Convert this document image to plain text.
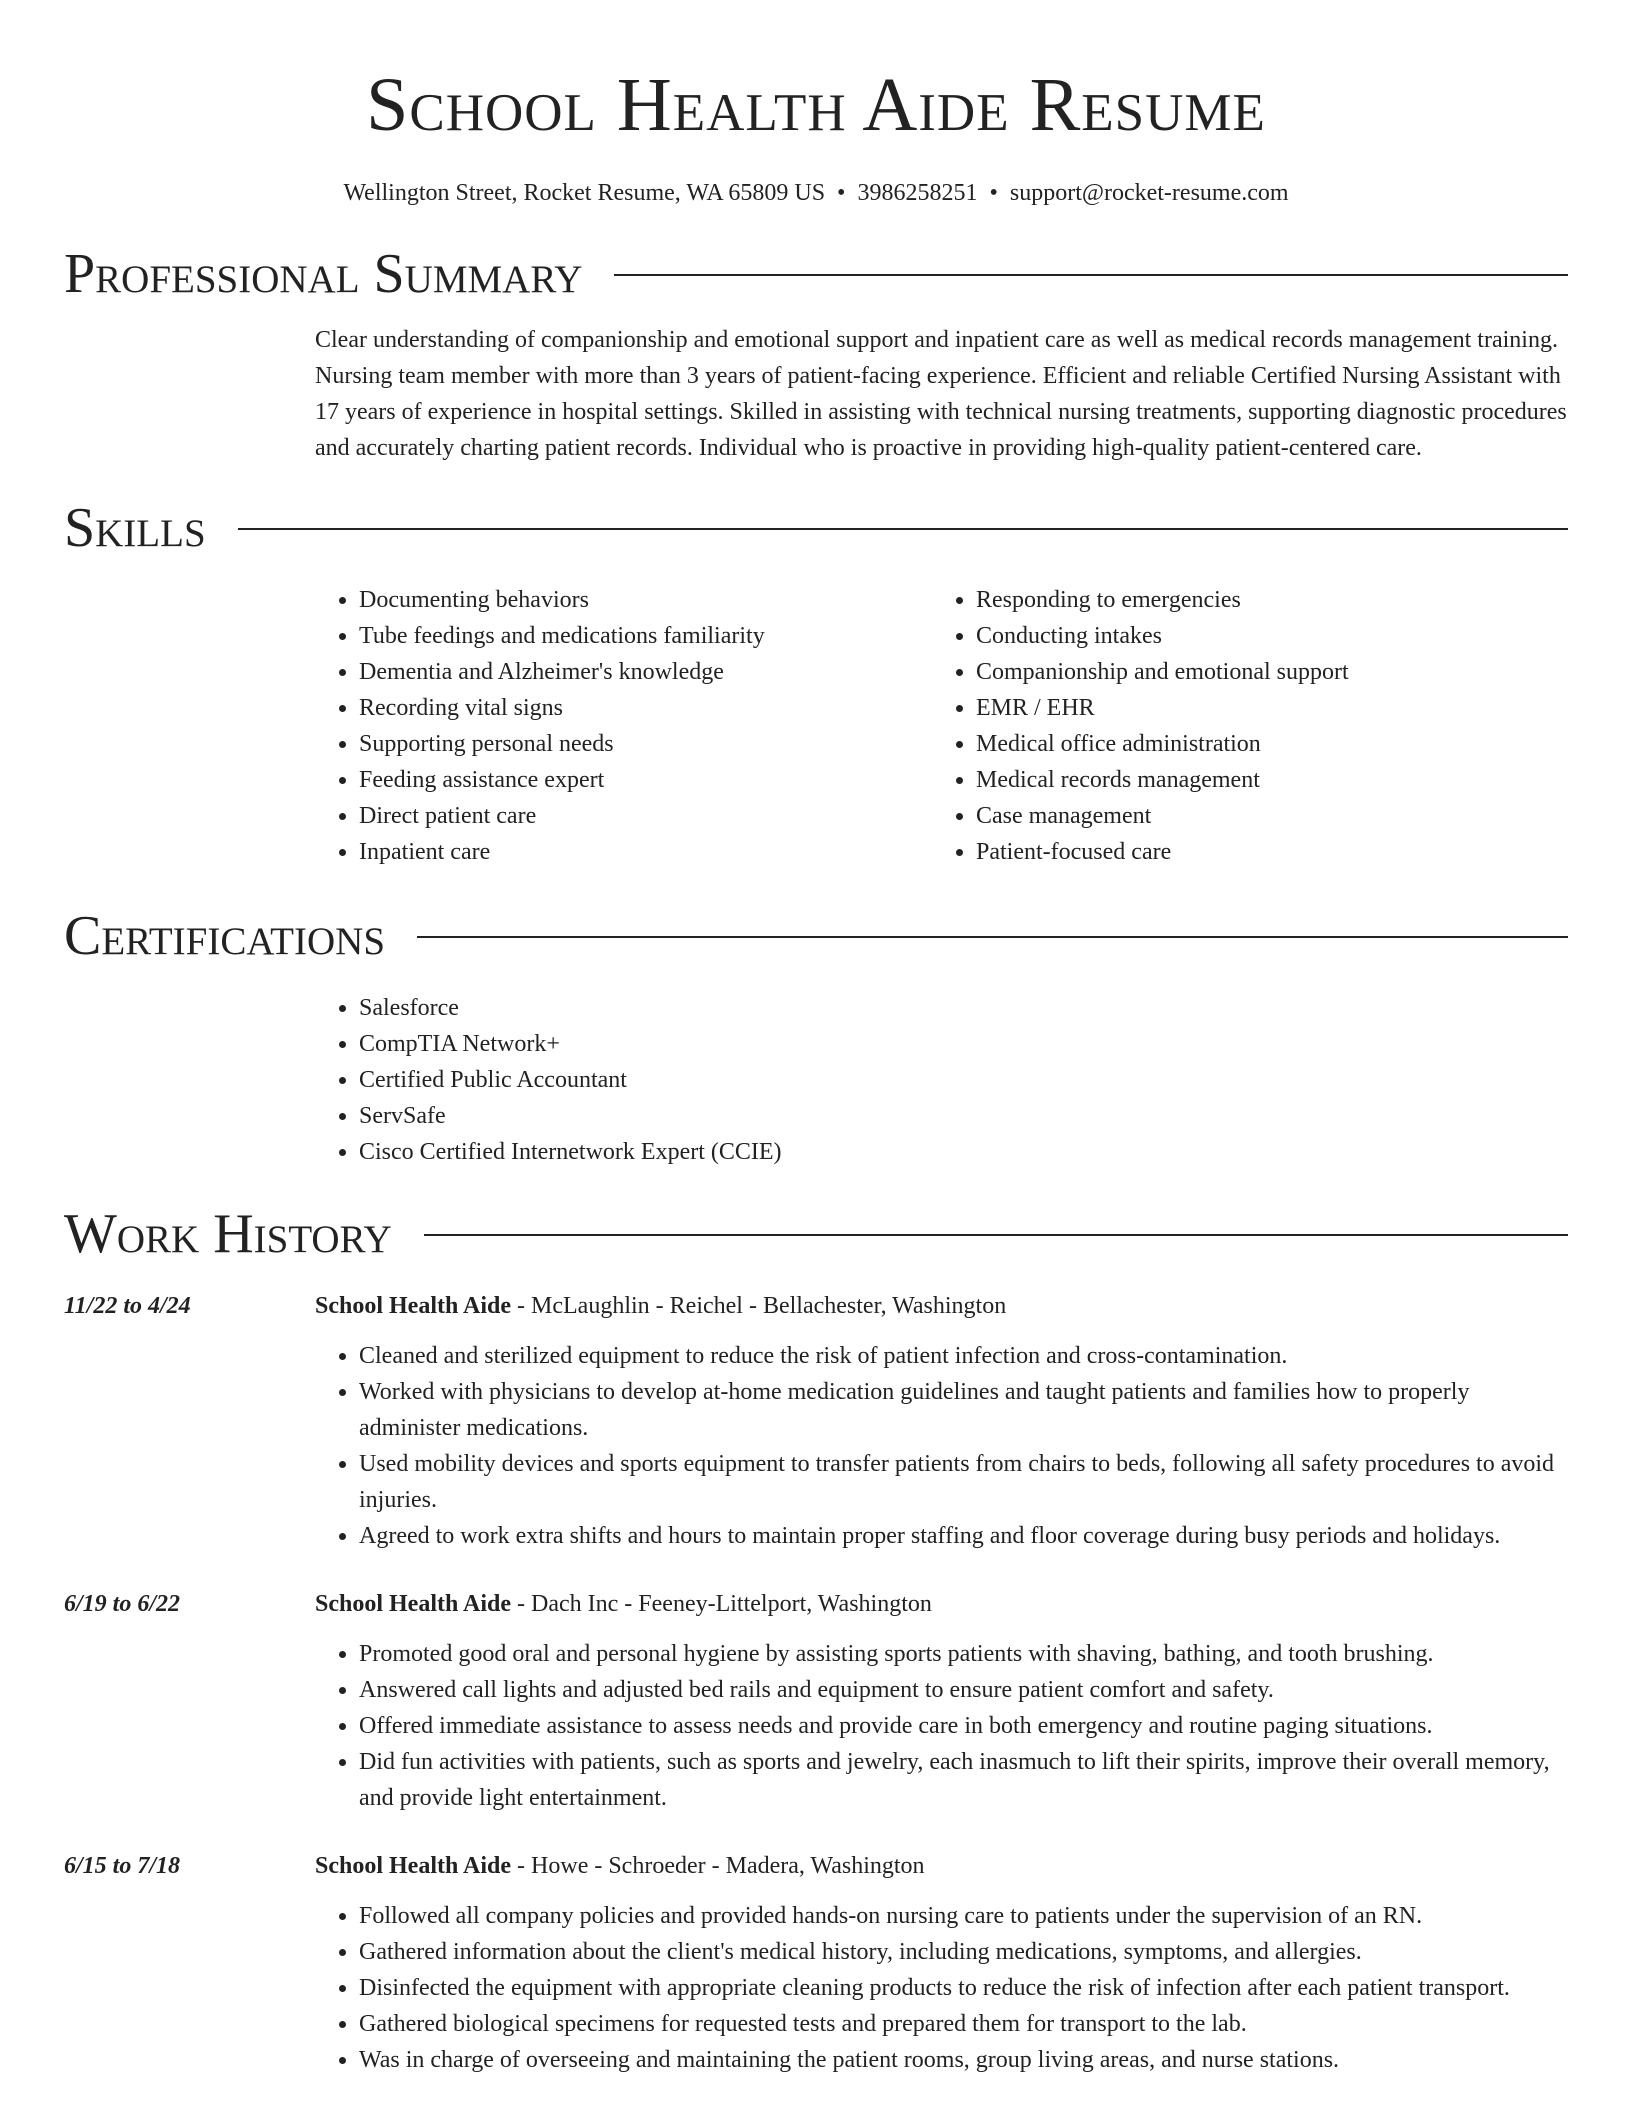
School Health Aide Resume
Wellington Street, Rocket Resume, WA 65809 US • 3986258251 • support@rocket-resume.com
Professional Summary
Clear understanding of companionship and emotional support and inpatient care as well as medical records management training. Nursing team member with more than 3 years of patient-facing experience. Efficient and reliable Certified Nursing Assistant with 17 years of experience in hospital settings. Skilled in assisting with technical nursing treatments, supporting diagnostic procedures and accurately charting patient records. Individual who is proactive in providing high-quality patient-centered care.
Skills
• Documenting behaviors
• Tube feedings and medications familiarity
• Dementia and Alzheimer's knowledge
• Recording vital signs
• Supporting personal needs
• Feeding assistance expert
• Direct patient care
• Inpatient care
• Responding to emergencies
• Conducting intakes
• Companionship and emotional support
• EMR / EHR
• Medical office administration
• Medical records management
• Case management
• Patient-focused care
Certifications
• Salesforce
• CompTIA Network+
• Certified Public Accountant
• ServSafe
• Cisco Certified Internetwork Expert (CCIE)
Work History
11/22 to 4/24	School Health Aide - McLaughlin - Reichel - Bellachester, Washington
• Cleaned and sterilized equipment to reduce the risk of patient infection and cross-contamination.
• Worked with physicians to develop at-home medication guidelines and taught patients and families how to properly administer medications.
• Used mobility devices and sports equipment to transfer patients from chairs to beds, following all safety procedures to avoid injuries.
• Agreed to work extra shifts and hours to maintain proper staffing and floor coverage during busy periods and holidays.
6/19 to 6/22	School Health Aide - Dach Inc - Feeney-Littelport, Washington
• Promoted good oral and personal hygiene by assisting sports patients with shaving, bathing, and tooth brushing.
• Answered call lights and adjusted bed rails and equipment to ensure patient comfort and safety.
• Offered immediate assistance to assess needs and provide care in both emergency and routine paging situations.
• Did fun activities with patients, such as sports and jewelry, each inasmuch to lift their spirits, improve their overall memory, and provide light entertainment.
6/15 to 7/18	School Health Aide - Howe - Schroeder - Madera, Washington
• Followed all company policies and provided hands-on nursing care to patients under the supervision of an RN.
• Gathered information about the client's medical history, including medications, symptoms, and allergies.
• Disinfected the equipment with appropriate cleaning products to reduce the risk of infection after each patient transport.
• Gathered biological specimens for requested tests and prepared them for transport to the lab.
• Was in charge of overseeing and maintaining the patient rooms, group living areas, and nurse stations.
